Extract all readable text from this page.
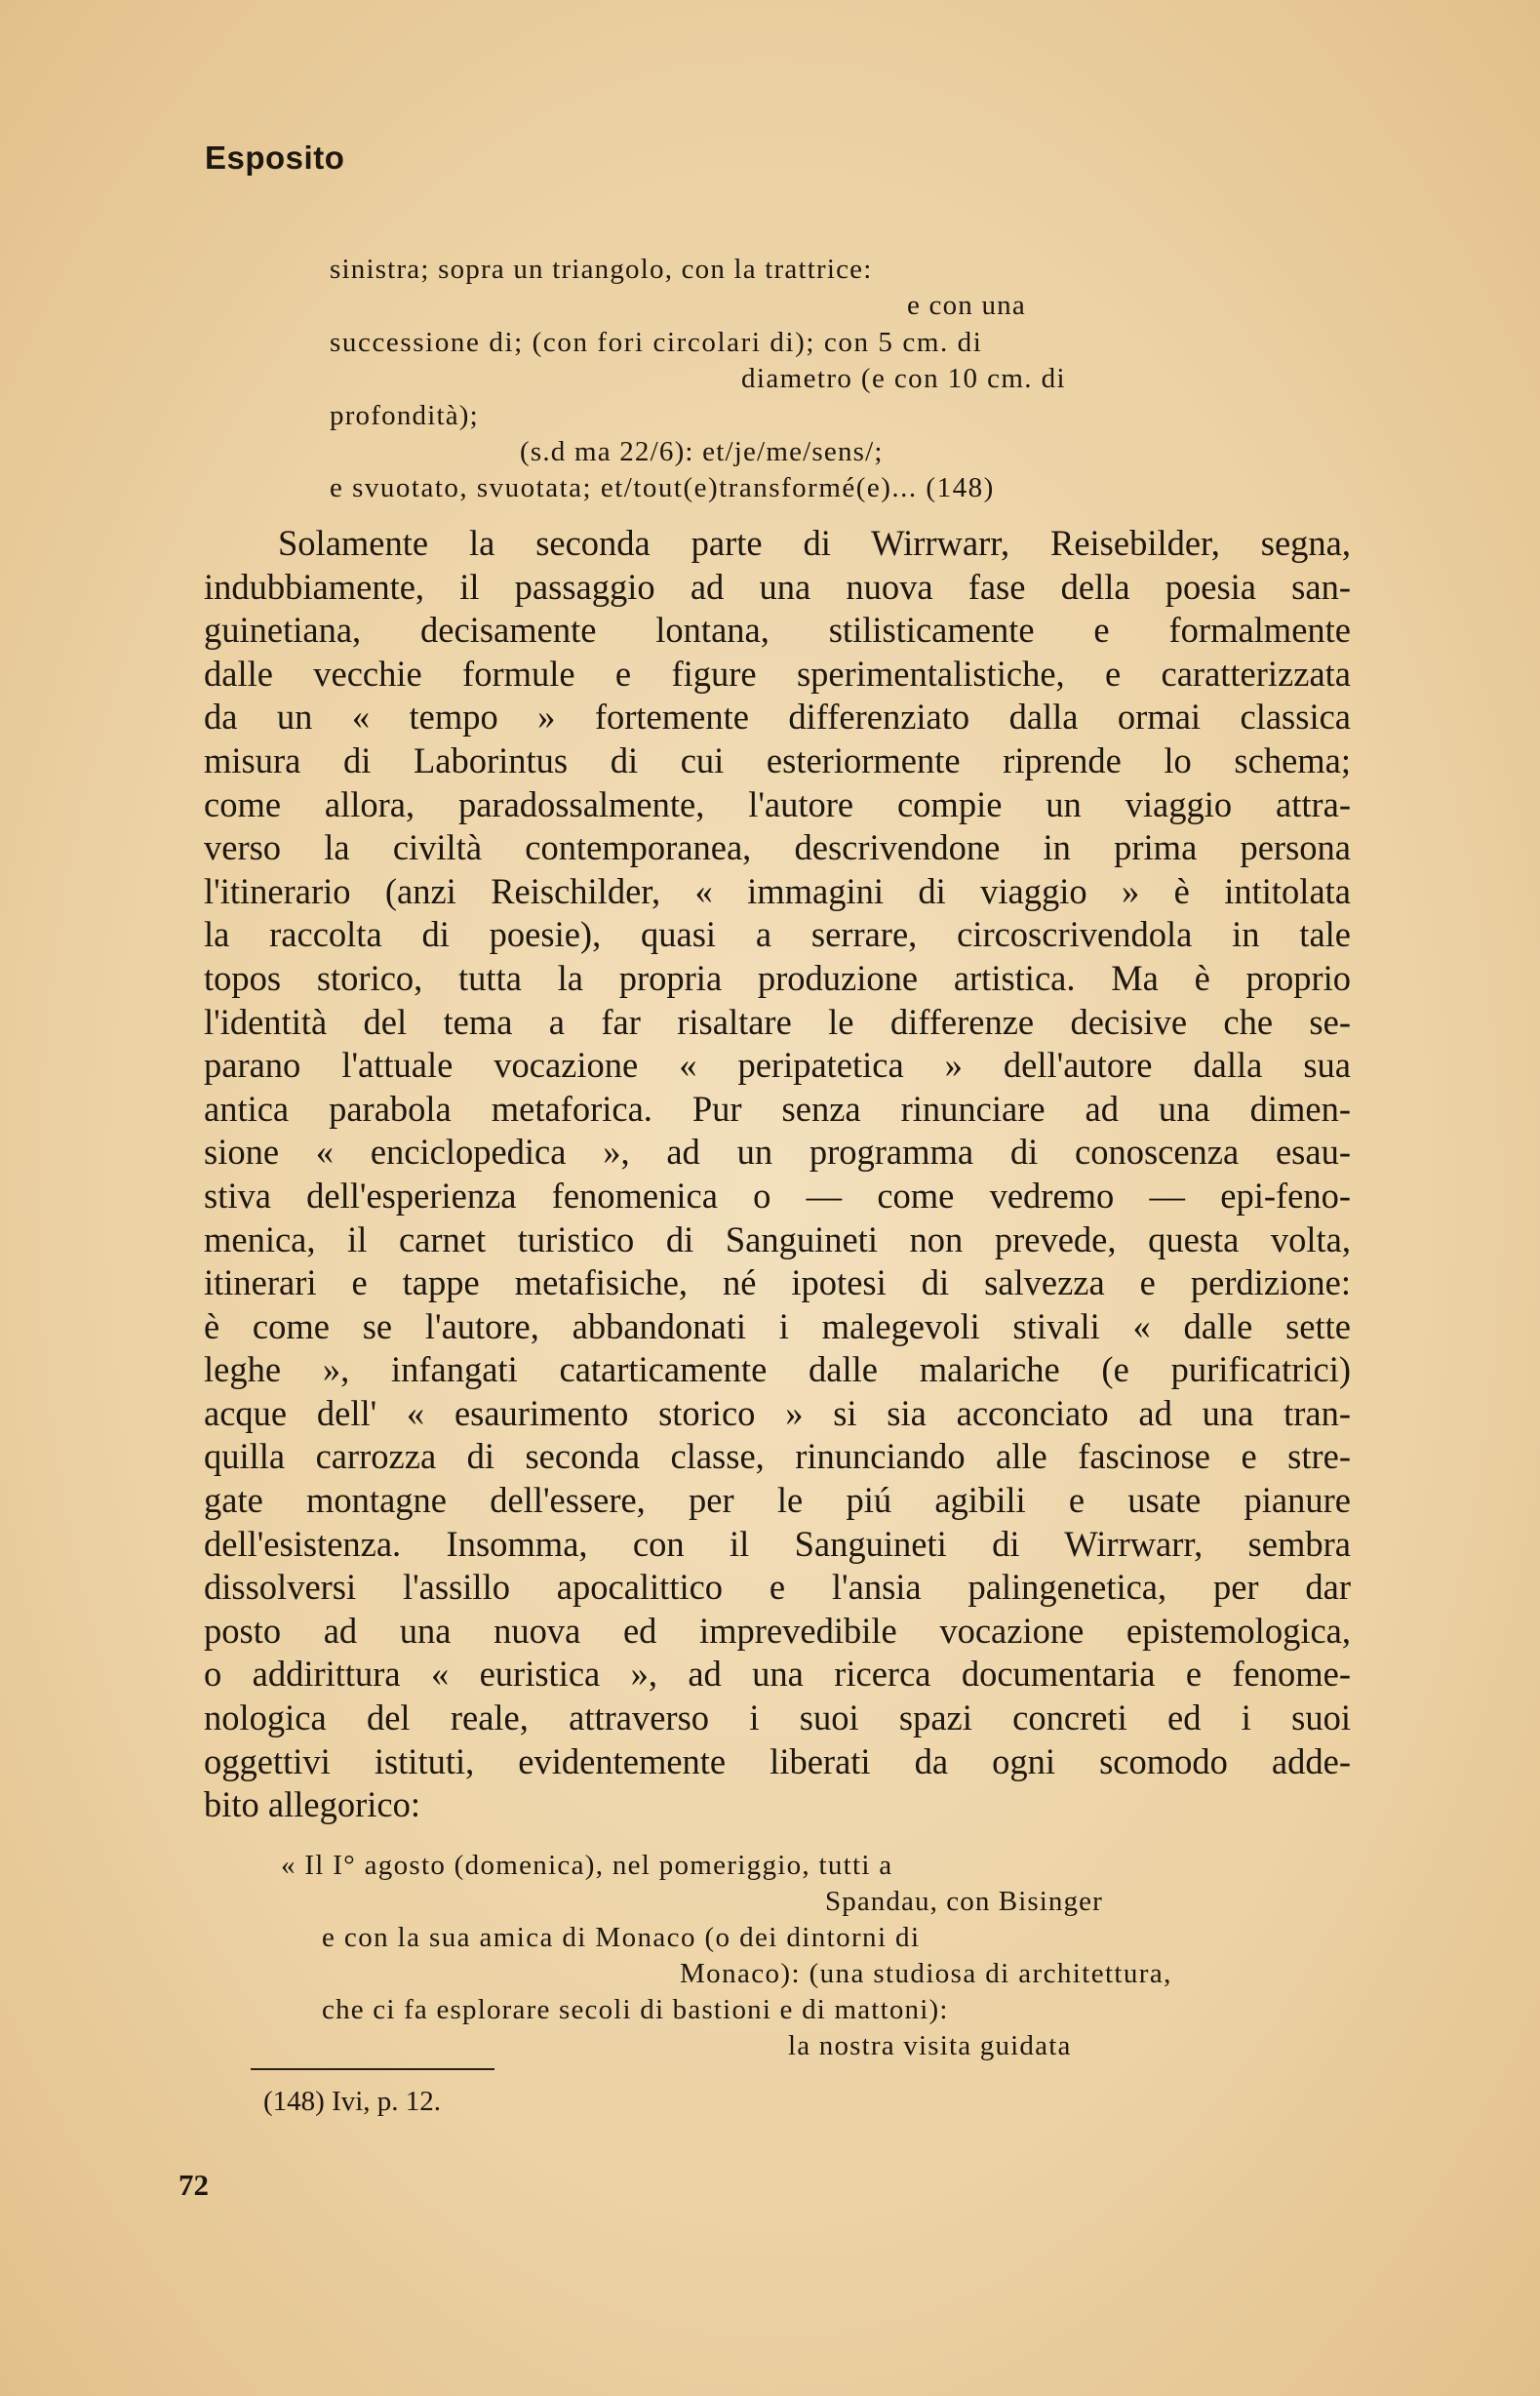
Esposito
sinistra; sopra un triangolo, con la trattrice:
e con una
successione di; (con fori circolari di); con 5 cm. di
diametro (e con 10 cm. di
profondità);
(s.d ma 22/6): et/je/me/sens/;
e svuotato, svuotata; et/tout(e)transformé(e)... (148)
Solamente la seconda parte di Wirrwarr, Reisebilder, segna,
indubbiamente, il passaggio ad una nuova fase della poesia san-
guinetiana, decisamente lontana, stilisticamente e formalmente
dalle vecchie formule e figure sperimentalistiche, e caratterizzata
da un « tempo » fortemente differenziato dalla ormai classica
misura di Laborintus di cui esteriormente riprende lo schema;
come allora, paradossalmente, l'autore compie un viaggio attra-
verso la civiltà contemporanea, descrivendone in prima persona
l'itinerario (anzi Reischilder, « immagini di viaggio » è intitolata
la raccolta di poesie), quasi a serrare, circoscrivendola in tale
topos storico, tutta la propria produzione artistica. Ma è proprio
l'identità del tema a far risaltare le differenze decisive che se-
parano l'attuale vocazione « peripatetica » dell'autore dalla sua
antica parabola metaforica. Pur senza rinunciare ad una dimen-
sione « enciclopedica », ad un programma di conoscenza esau-
stiva dell'esperienza fenomenica o — come vedremo — epi-feno-
menica, il carnet turistico di Sanguineti non prevede, questa volta,
itinerari e tappe metafisiche, né ipotesi di salvezza e perdizione:
è come se l'autore, abbandonati i malegevoli stivali « dalle sette
leghe », infangati catarticamente dalle malariche (e purificatrici)
acque dell' « esaurimento storico » si sia acconciato ad una tran-
quilla carrozza di seconda classe, rinunciando alle fascinose e stre-
gate montagne dell'essere, per le piú agibili e usate pianure
dell'esistenza. Insomma, con il Sanguineti di Wirrwarr, sembra
dissolversi l'assillo apocalittico e l'ansia palingenetica, per dar
posto ad una nuova ed imprevedibile vocazione epistemologica,
o addirittura « euristica », ad una ricerca documentaria e fenome-
nologica del reale, attraverso i suoi spazi concreti ed i suoi
oggettivi istituti, evidentemente liberati da ogni scomodo adde-
bito allegorico:
« Il I° agosto (domenica), nel pomeriggio, tutti a
Spandau, con Bisinger
e con la sua amica di Monaco (o dei dintorni di
Monaco): (una studiosa di architettura,
che ci fa esplorare secoli di bastioni e di mattoni):
la nostra visita guidata
(148) Ivi, p. 12.
72
